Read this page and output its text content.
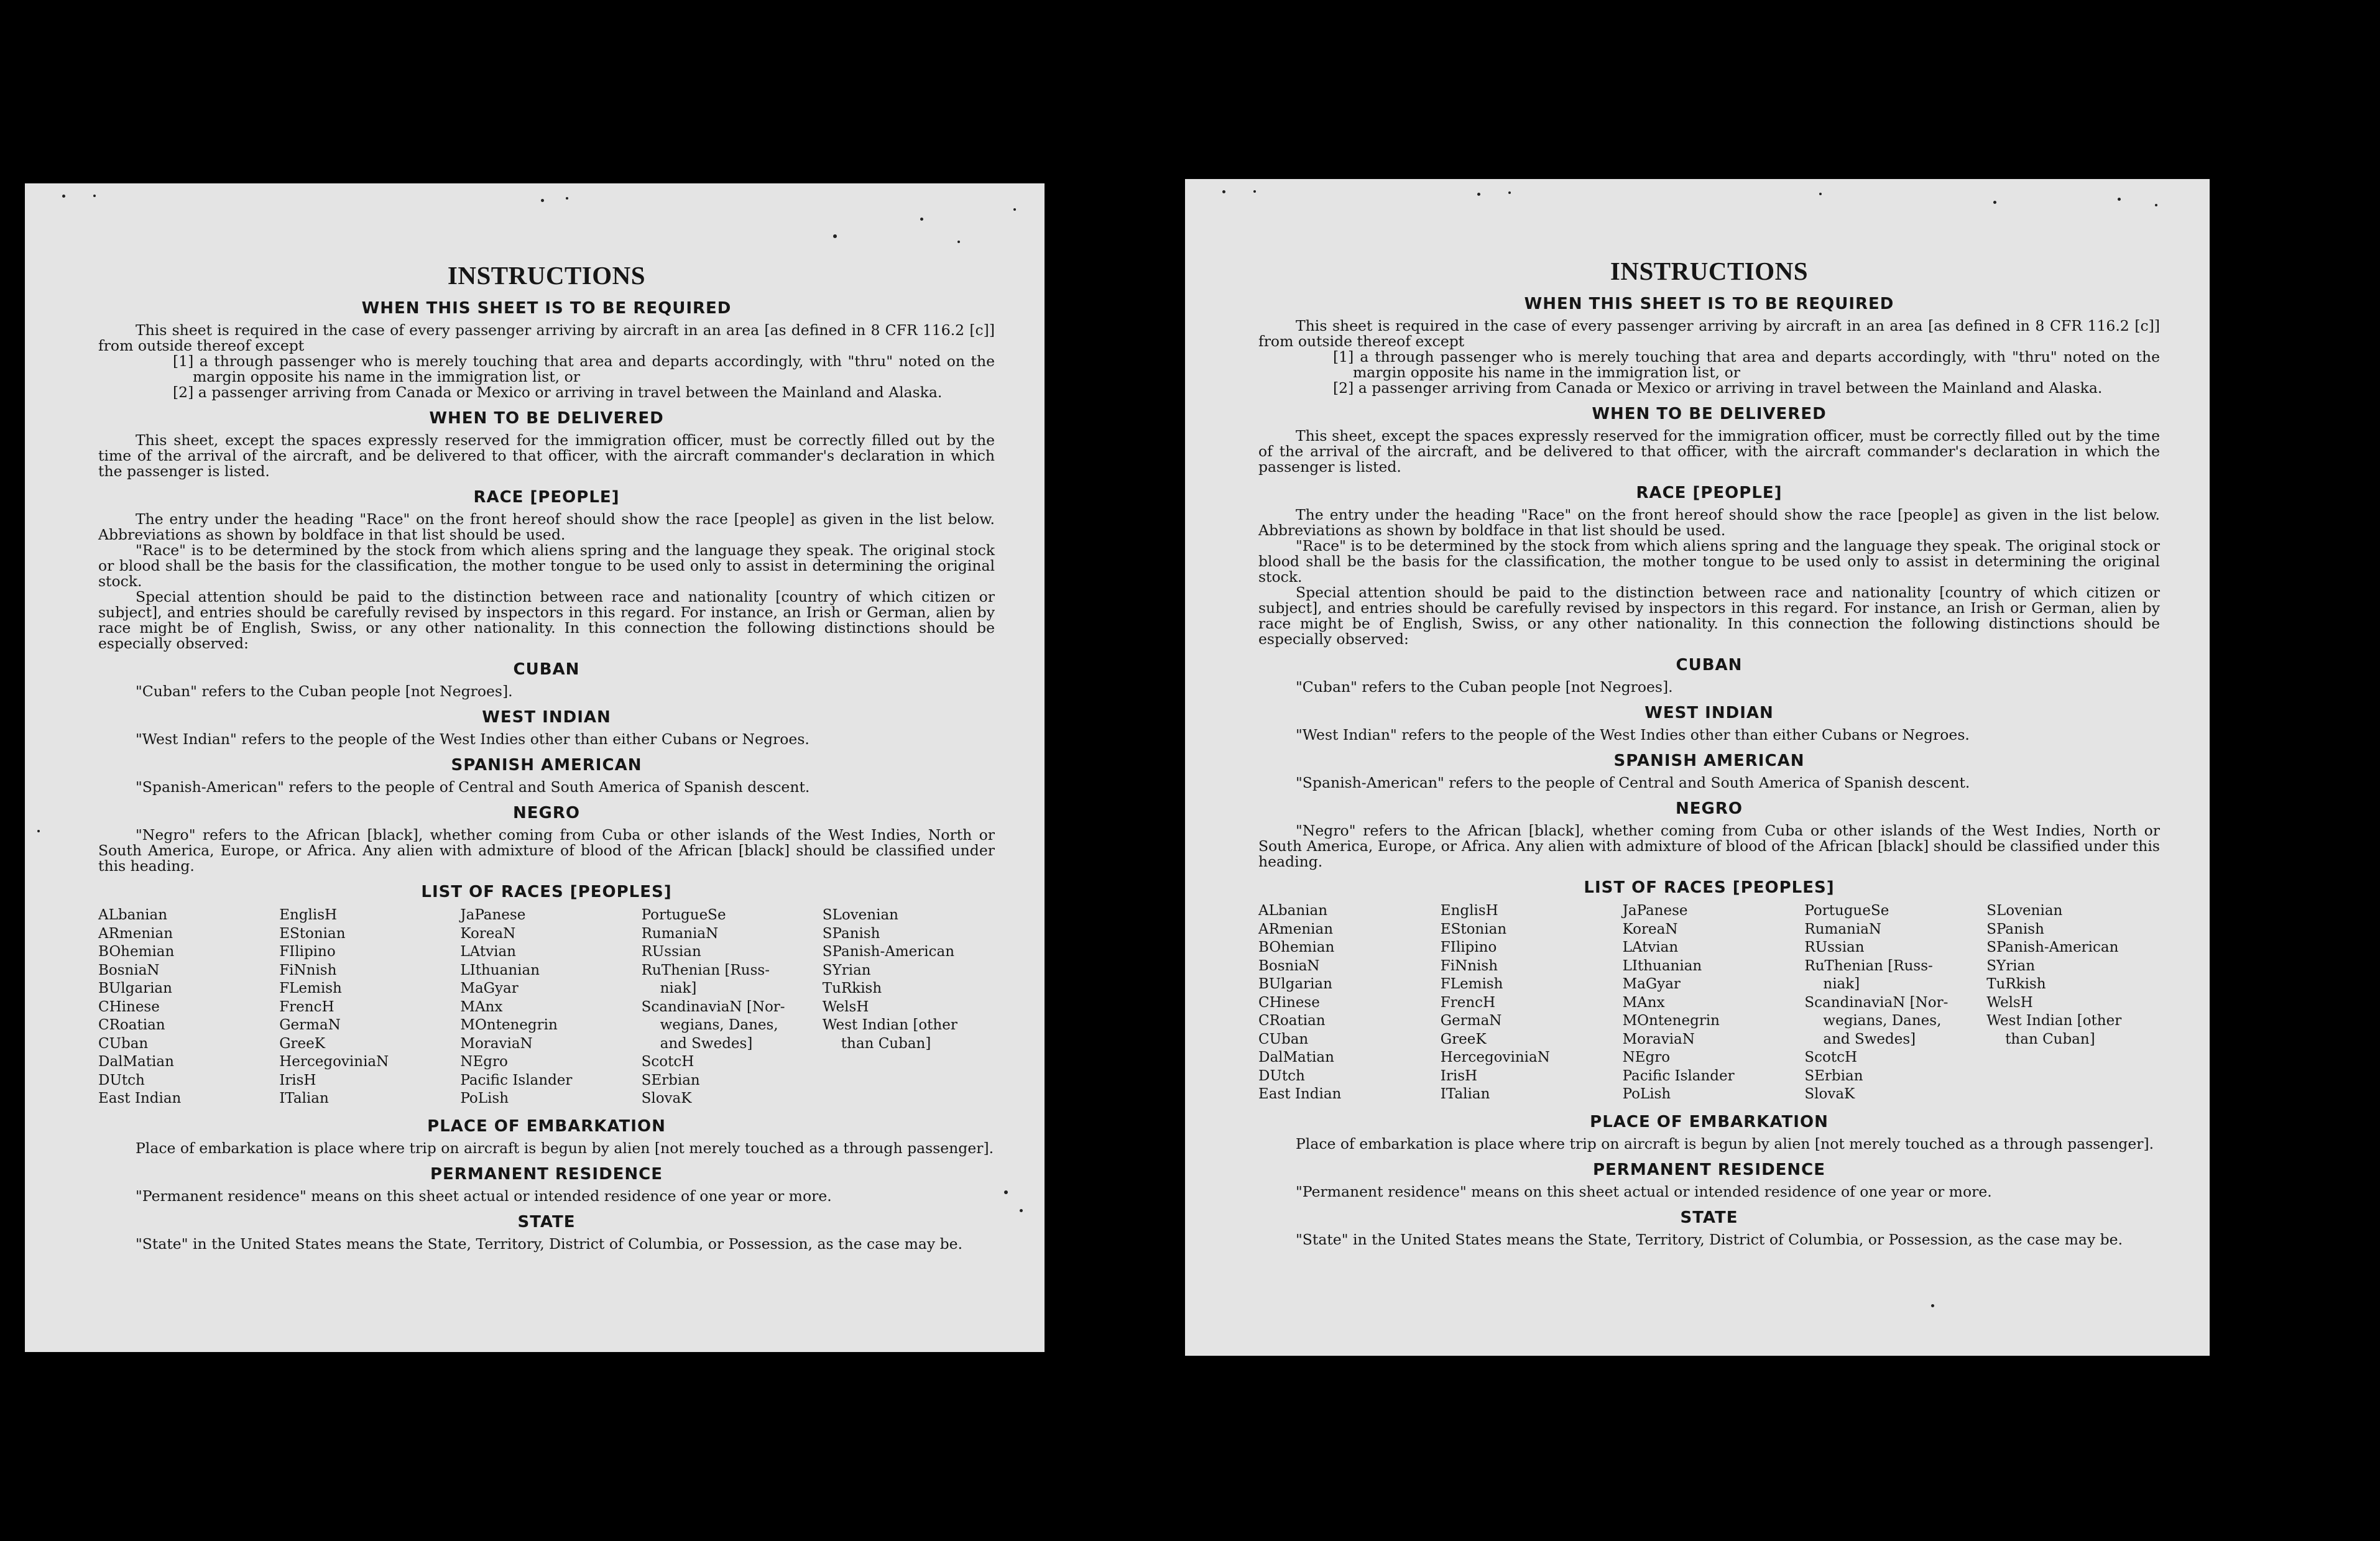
INSTRUCTIONS
WHEN THIS SHEET IS TO BE REQUIRED

This sheet is required in the case of every passenger arriving by aircraft in an area [as defined in 8 CFR 116.2 [c]] from outside thereof except

[1] a through passenger who is merely touching that area and departs accordingly, with "thru" noted on the margin opposite his name in the immigration list, or

[2] a passenger arriving from Canada or Mexico or arriving in travel between the Mainland and Alaska.

WHEN TO BE DELIVERED

This sheet, except the spaces expressly reserved for the immigration officer, must be correctly filled out by the time of the arrival of the aircraft, and be delivered to that officer, with the aircraft commander's declaration in which the passenger is listed.

RACE [PEOPLE]

The entry under the heading "Race" on the front hereof should show the race [people] as given in the list below. Abbreviations as shown by boldface in that list should be used.

"Race" is to be determined by the stock from which aliens spring and the language they speak. The original stock or blood shall be the basis for the classification, the mother tongue to be used only to assist in determining the original stock.

Special attention should be paid to the distinction between race and nationality [country of which citizen or subject], and entries should be carefully revised by inspectors in this regard. For instance, an Irish or German, alien by race might be of English, Swiss, or any other nationality. In this connection the following distinctions should be especially observed:

CUBAN

"Cuban" refers to the Cuban people [not Negroes].

WEST INDIAN

"West Indian" refers to the people of the West Indies other than either Cubans or Negroes.

SPANISH AMERICAN

"Spanish-American" refers to the people of Central and South America of Spanish descent.

NEGRO

"Negro" refers to the African [black], whether coming from Cuba or other islands of the West Indies, North or South America, Europe, or Africa. Any alien with admixture of blood of the African [black] should be classified under this heading.

LIST OF RACES [PEOPLES]
ALbanian
ARmenian
BOhemian
BosniaN
BUlgarian
CHinese
CRoatian
CUban
DalMatian
DUtch
East Indian
EnglisH
EStonian
FIlipino
FiNnish
FLemish
FrencH
GermaN
GreeK
HercegoviniaN
IrisH
ITalian
JaPanese
KoreaN
LAtvian
LIthuanian
MaGyar
MAnx
MOntenegrin
MoraviaN
NEgro
Pacific Islander
PoLish
PortugueSe
RumaniaN
RUssian
RuThenian [Russ-
niak]
ScandinaviaN [Nor-
wegians, Danes,
and Swedes]
ScotcH
SErbian
SlovaK
SLovenian
SPanish
SPanish-American
SYrian
TuRkish
WelsH
West Indian [other
than Cuban]
PLACE OF EMBARKATION

Place of embarkation is place where trip on aircraft is begun by alien [not merely touched as a through passenger].

PERMANENT RESIDENCE

"Permanent residence" means on this sheet actual or intended residence of one year or more.

STATE

"State" in the United States means the State, Territory, District of Columbia, or Possession, as the case may be.

INSTRUCTIONS
WHEN THIS SHEET IS TO BE REQUIRED

This sheet is required in the case of every passenger arriving by aircraft in an area [as defined in 8 CFR 116.2 [c]] from outside thereof except

[1] a through passenger who is merely touching that area and departs accordingly, with "thru" noted on the margin opposite his name in the immigration list, or

[2] a passenger arriving from Canada or Mexico or arriving in travel between the Mainland and Alaska.

WHEN TO BE DELIVERED

This sheet, except the spaces expressly reserved for the immigration officer, must be correctly filled out by the time of the arrival of the aircraft, and be delivered to that officer, with the aircraft commander's declaration in which the passenger is listed.

RACE [PEOPLE]

The entry under the heading "Race" on the front hereof should show the race [people] as given in the list below. Abbreviations as shown by boldface in that list should be used.

"Race" is to be determined by the stock from which aliens spring and the language they speak. The original stock or blood shall be the basis for the classification, the mother tongue to be used only to assist in determining the original stock.

Special attention should be paid to the distinction between race and nationality [country of which citizen or subject], and entries should be carefully revised by inspectors in this regard. For instance, an Irish or German, alien by race might be of English, Swiss, or any other nationality. In this connection the following distinctions should be especially observed:

CUBAN

"Cuban" refers to the Cuban people [not Negroes].

WEST INDIAN

"West Indian" refers to the people of the West Indies other than either Cubans or Negroes.

SPANISH AMERICAN

"Spanish-American" refers to the people of Central and South America of Spanish descent.

NEGRO

"Negro" refers to the African [black], whether coming from Cuba or other islands of the West Indies, North or South America, Europe, or Africa. Any alien with admixture of blood of the African [black] should be classified under this heading.

LIST OF RACES [PEOPLES]
ALbanian
ARmenian
BOhemian
BosniaN
BUlgarian
CHinese
CRoatian
CUban
DalMatian
DUtch
East Indian
EnglisH
EStonian
FIlipino
FiNnish
FLemish
FrencH
GermaN
GreeK
HercegoviniaN
IrisH
ITalian
JaPanese
KoreaN
LAtvian
LIthuanian
MaGyar
MAnx
MOntenegrin
MoraviaN
NEgro
Pacific Islander
PoLish
PortugueSe
RumaniaN
RUssian
RuThenian [Russ-
niak]
ScandinaviaN [Nor-
wegians, Danes,
and Swedes]
ScotcH
SErbian
SlovaK
SLovenian
SPanish
SPanish-American
SYrian
TuRkish
WelsH
West Indian [other
than Cuban]
PLACE OF EMBARKATION

Place of embarkation is place where trip on aircraft is begun by alien [not merely touched as a through passenger].

PERMANENT RESIDENCE

"Permanent residence" means on this sheet actual or intended residence of one year or more.

STATE

"State" in the United States means the State, Territory, District of Columbia, or Possession, as the case may be.
